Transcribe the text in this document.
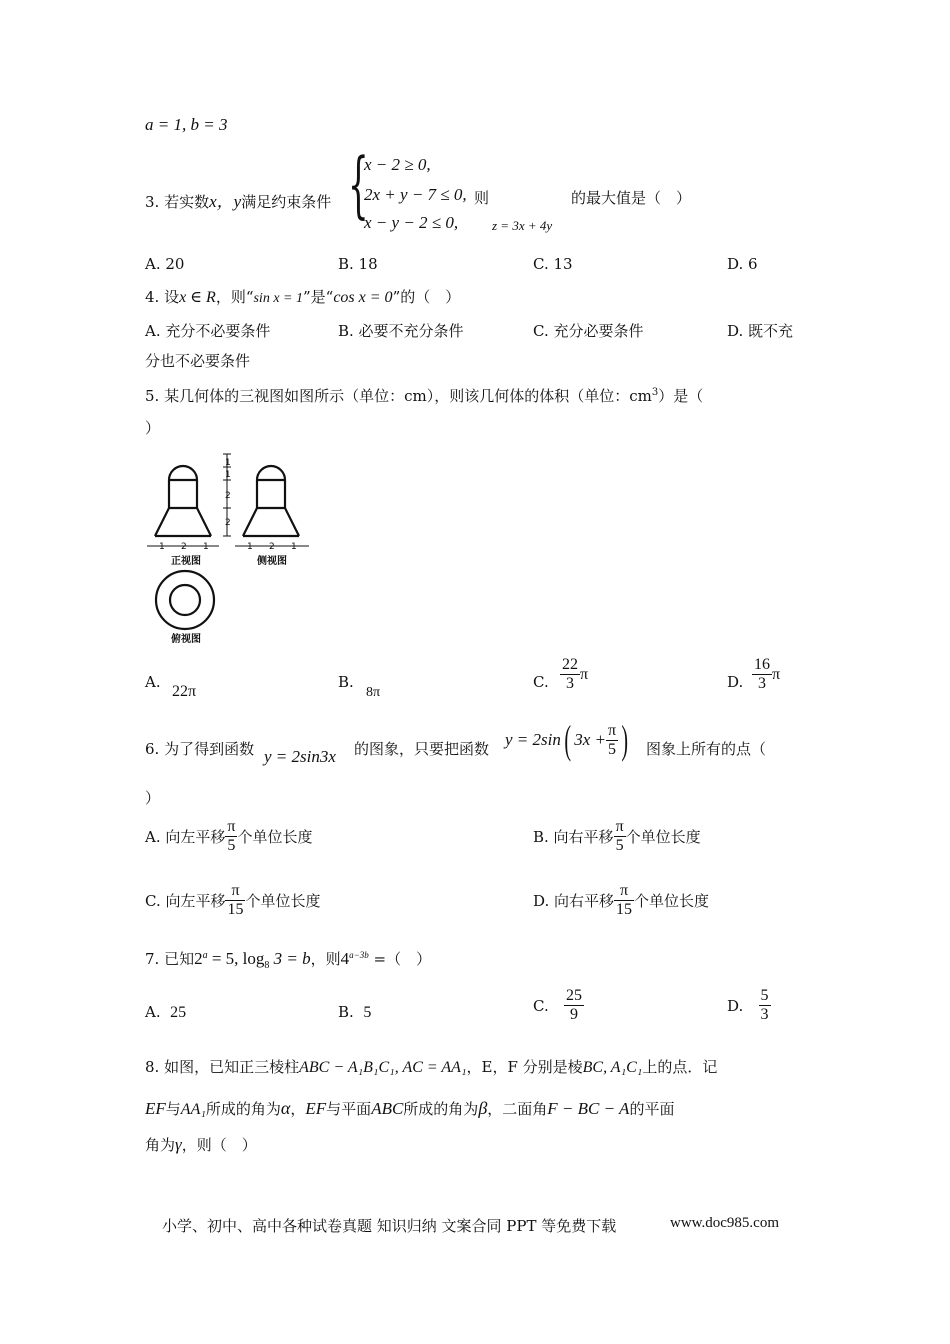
a = 1, b = 3
3. 若实数x，y满足约束条件 {
x − 2 ≥ 0,
2x + y − 7 ≤ 0,
x − y − 2 ≤ 0,
则
z = 3x + 4y
的最大值是（　）
A. 20	B. 18	C. 13	D. 6
4. 设x ∈ R，则“sin x = 1”是“cos x = 0”的（　）
A. 充分不必要条件	B. 必要不充分条件	C. 充分必要条件	D. 既不充
分也不必要条件
5. 某几何体的三视图如图所示（单位：cm），则该几何体的体积（单位：$cm^3$）是（
）
1
1
2
2
1 2 1	1 2 1
正视图	侧视图
俯视图
A.
22π
B.
8π
C. $\frac{22}{3}$ π	D. $\frac{16}{3}$ π
6. 为了得到函数 y = 2sin3x 的图象，只要把函数 y = 2sin ( $3x + \frac{\pi}{5}$ ) 图象上所有的点（
）
A. 向左平移 $\frac{\pi}{5}$ 个单位长度	B. 向右平移 $\frac{\pi}{5}$ 个单位长度
C. 向左平移 $\frac{\pi}{15}$ 个单位长度	D. 向右平移 $\frac{\pi}{15}$ 个单位长度
7. 已知$2^a = 5$, $\log_8 3 = b$，则$4^{a-3b}$ =（　）
A. 25	B. 5	C.
$\frac{25}{9}$	D.
$\frac{5}{3}$
8. 如图，已知正三棱柱ABC − A₁B₁C₁, AC = AA₁，E，F 分别是棱BC, A₁C₁上的点．记
EF与AA₁所成的角为α，EF与平面ABC所成的角为β，二面角F − BC − A的平面
角为γ，则（　）
小学、初中、高中各种试卷真题 知识归纳 文案合同 PPT 等免费下载	www.doc985.com
